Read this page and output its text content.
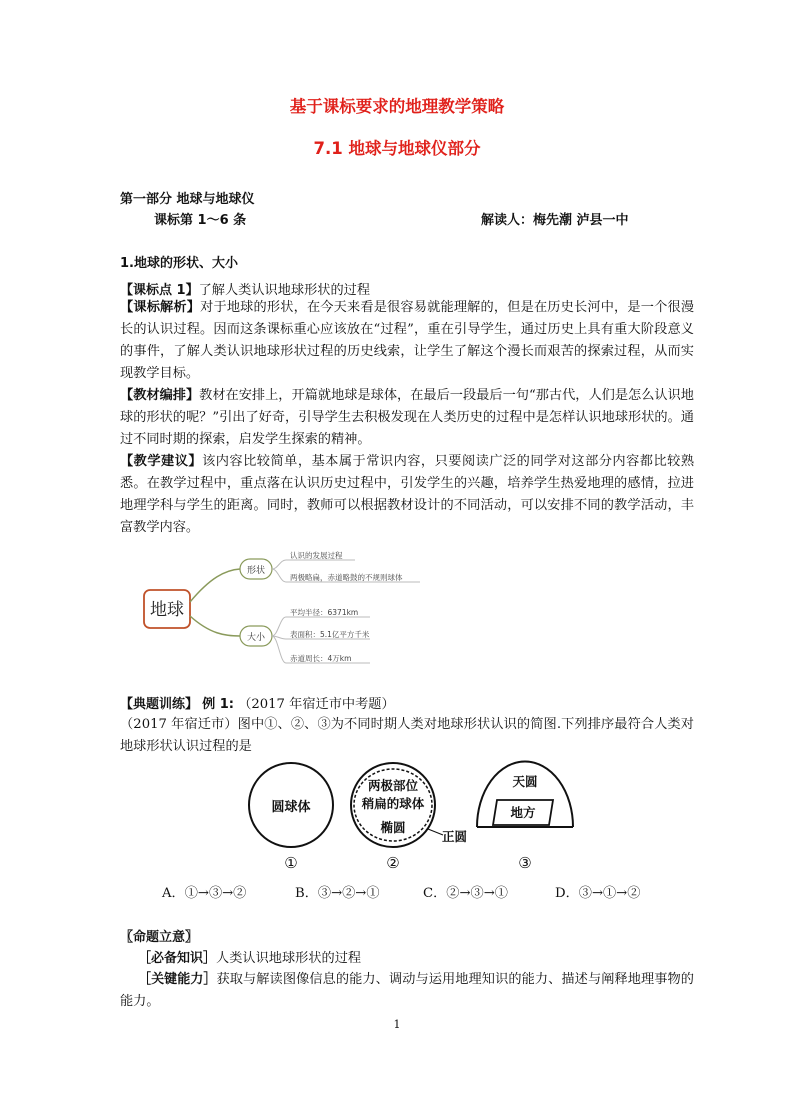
基于课标要求的地理教学策略
7.1 地球与地球仪部分
第一部分 地球与地球仪
课标第 1～6 条	解读人：梅先潮 泸县一中
1.地球的形状、大小
【课标点 1】了解人类认识地球形状的过程
【课标解析】对于地球的形状，在今天来看是很容易就能理解的，但是在历史长河中，是一个很漫长的认识过程。因而这条课标重心应该放在“过程”，重在引导学生，通过历史上具有重大阶段意义的事件，了解人类认识地球形状过程的历史线索，让学生了解这个漫长而艰苦的探索过程，从而实现教学目标。
【教材编排】教材在安排上，开篇就地球是球体，在最后一段最后一句“那古代，人们是怎么认识地球的形状的呢？”引出了好奇，引导学生去积极发现在人类历史的过程中是怎样认识地球形状的。通过不同时期的探索，启发学生探索的精神。
【教学建议】该内容比较简单，基本属于常识内容，只要阅读广泛的同学对这部分内容都比较熟悉。在教学过程中，重点落在认识历史过程中，引发学生的兴趣，培养学生热爱地理的感情，拉进地理学科与学生的距离。同时，教师可以根据教材设计的不同活动，可以安排不同的教学活动，丰富教学内容。
地球
形状
大小
认识的发展过程
两极略扁，赤道略鼓的不规则球体
平均半径：6371km
表面积：5.1亿平方千米
赤道周长：4万km
【典题训练】 例 1: （2017 年宿迁市中考题）
（2017 年宿迁市）图中①、②、③为不同时期人类对地球形状认识的简图.下列排序最符合人类对地球形状认识过程的是
圆球体
两极部位
稍扁的球体
椭圆
正圆
天圆
地方
①	②	③
A．①→③→②	B．③→②→①	C．②→③→①	D．③→①→②
〖命题立意〗
［必备知识］人类认识地球形状的过程
［关键能力］获取与解读图像信息的能力、调动与运用地理知识的能力、描述与阐释地理事物的能力。
1
